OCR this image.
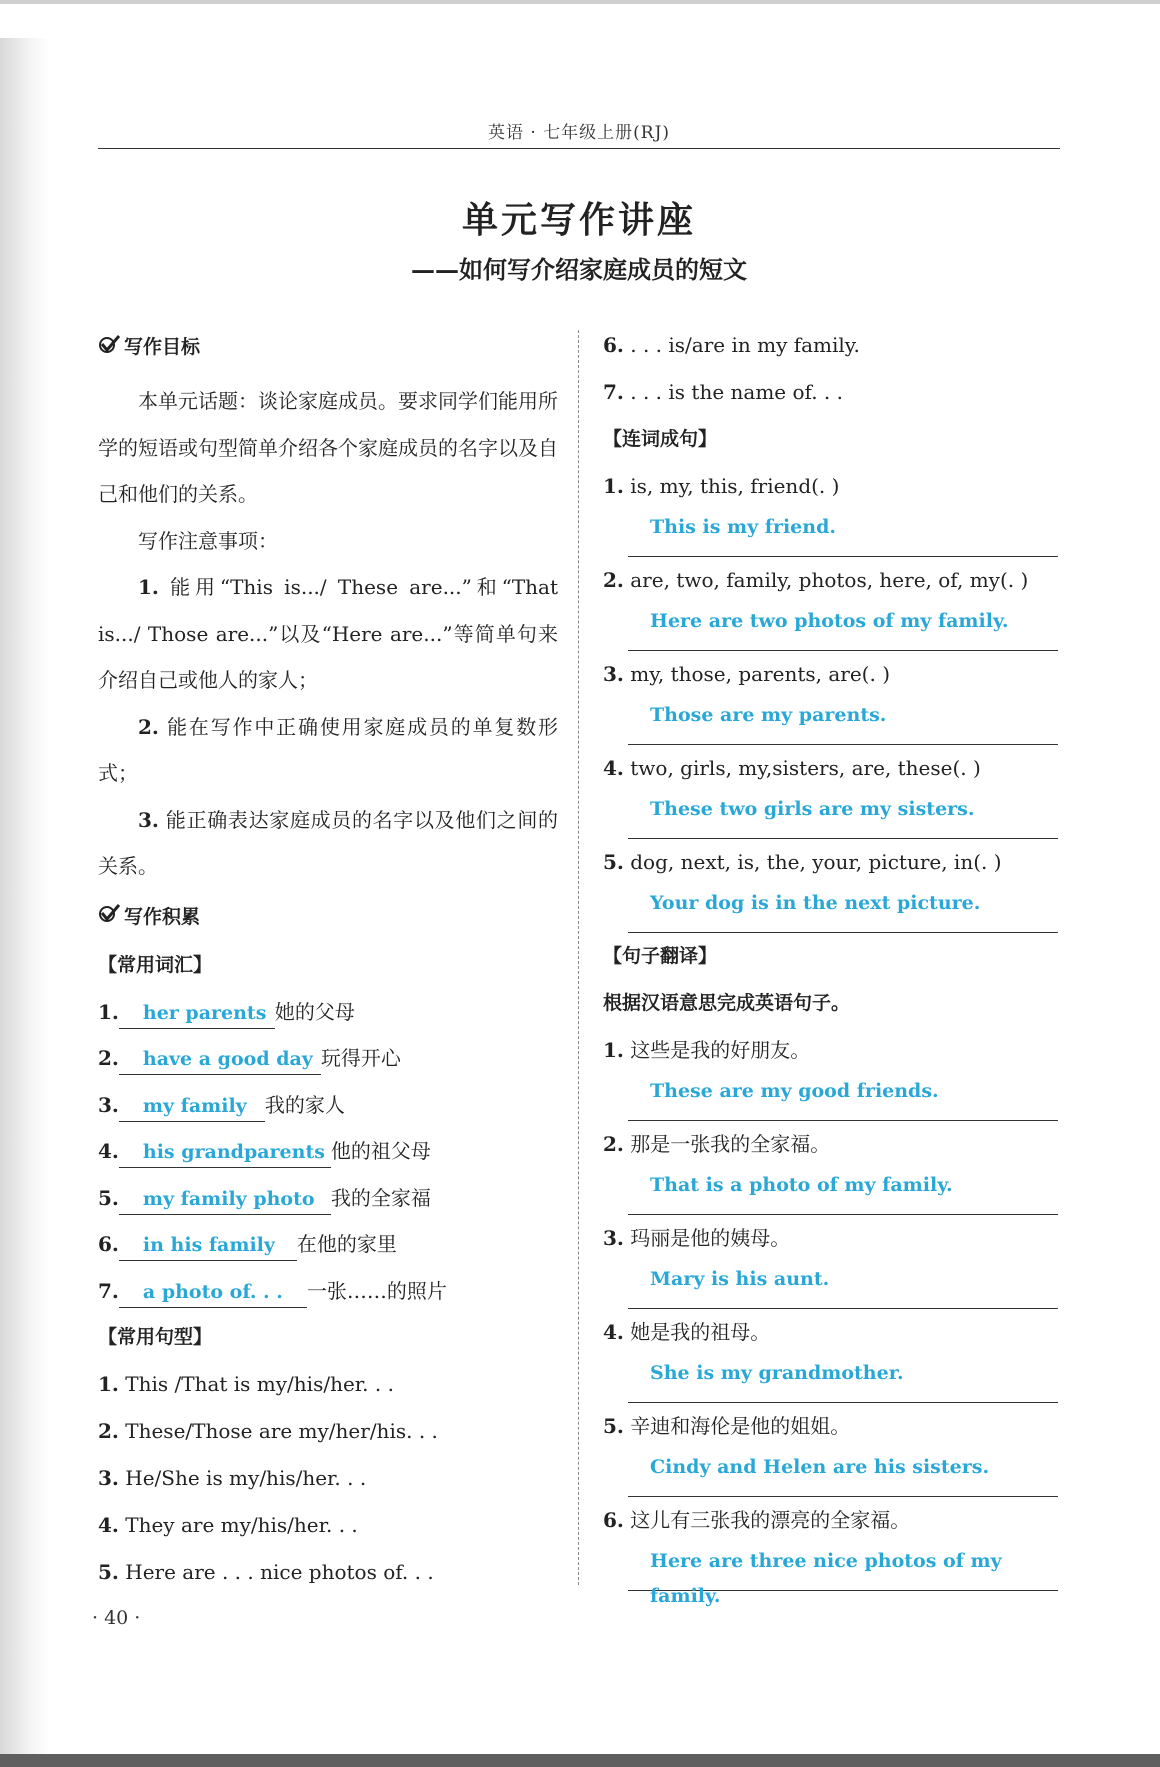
英语 · 七年级上册(RJ)
单元写作讲座
——如何写介绍家庭成员的短文
写作目标

本单元话题：谈论家庭成员。要求同学们能用所学的短语或句型简单介绍各个家庭成员的名字以及自己和他们的关系。

写作注意事项：

1. 能用“This is.../ These are...”和“That is.../ Those are...”以及“Here are...”等简单句来介绍自己或他人的家人；

2. 能在写作中正确使用家庭成员的单复数形式；

3. 能正确表达家庭成员的名字以及他们之间的关系。

写作积累
【常用词汇】
1. her parents 她的父母
2. have a good day 玩得开心
3. my family 我的家人
4. his grandparents 他的祖父母
5. my family photo 我的全家福
6. in his family 在他的家里
7. a photo of. . . 一张……的照片
【常用句型】
1. This /That is my/his/her. . .
2. These/Those are my/her/his. . .
3. He/She is my/his/her. . .
4. They are my/his/her. . .
5. Here are . . . nice photos of. . .
6. . . . is/are in my family.
7. . . . is the name of. . .
【连词成句】
1. is, my, this, friend(. )
This is my friend.
2. are, two, family, photos, here, of, my(. )
Here are two photos of my family.
3. my, those, parents, are(. )
Those are my parents.
4. two, girls, my,sisters, are, these(. )
These two girls are my sisters.
5. dog, next, is, the, your, picture, in(. )
Your dog is in the next picture.
【句子翻译】
根据汉语意思完成英语句子。
1. 这些是我的好朋友。
These are my good friends.
2. 那是一张我的全家福。
That is a photo of my family.
3. 玛丽是他的姨母。
Mary is his aunt.
4. 她是我的祖母。
She is my grandmother.
5. 辛迪和海伦是他的姐姐。
Cindy and Helen are his sisters.
6. 这儿有三张我的漂亮的全家福。
Here are three nice photos of my family.
· 40 ·
